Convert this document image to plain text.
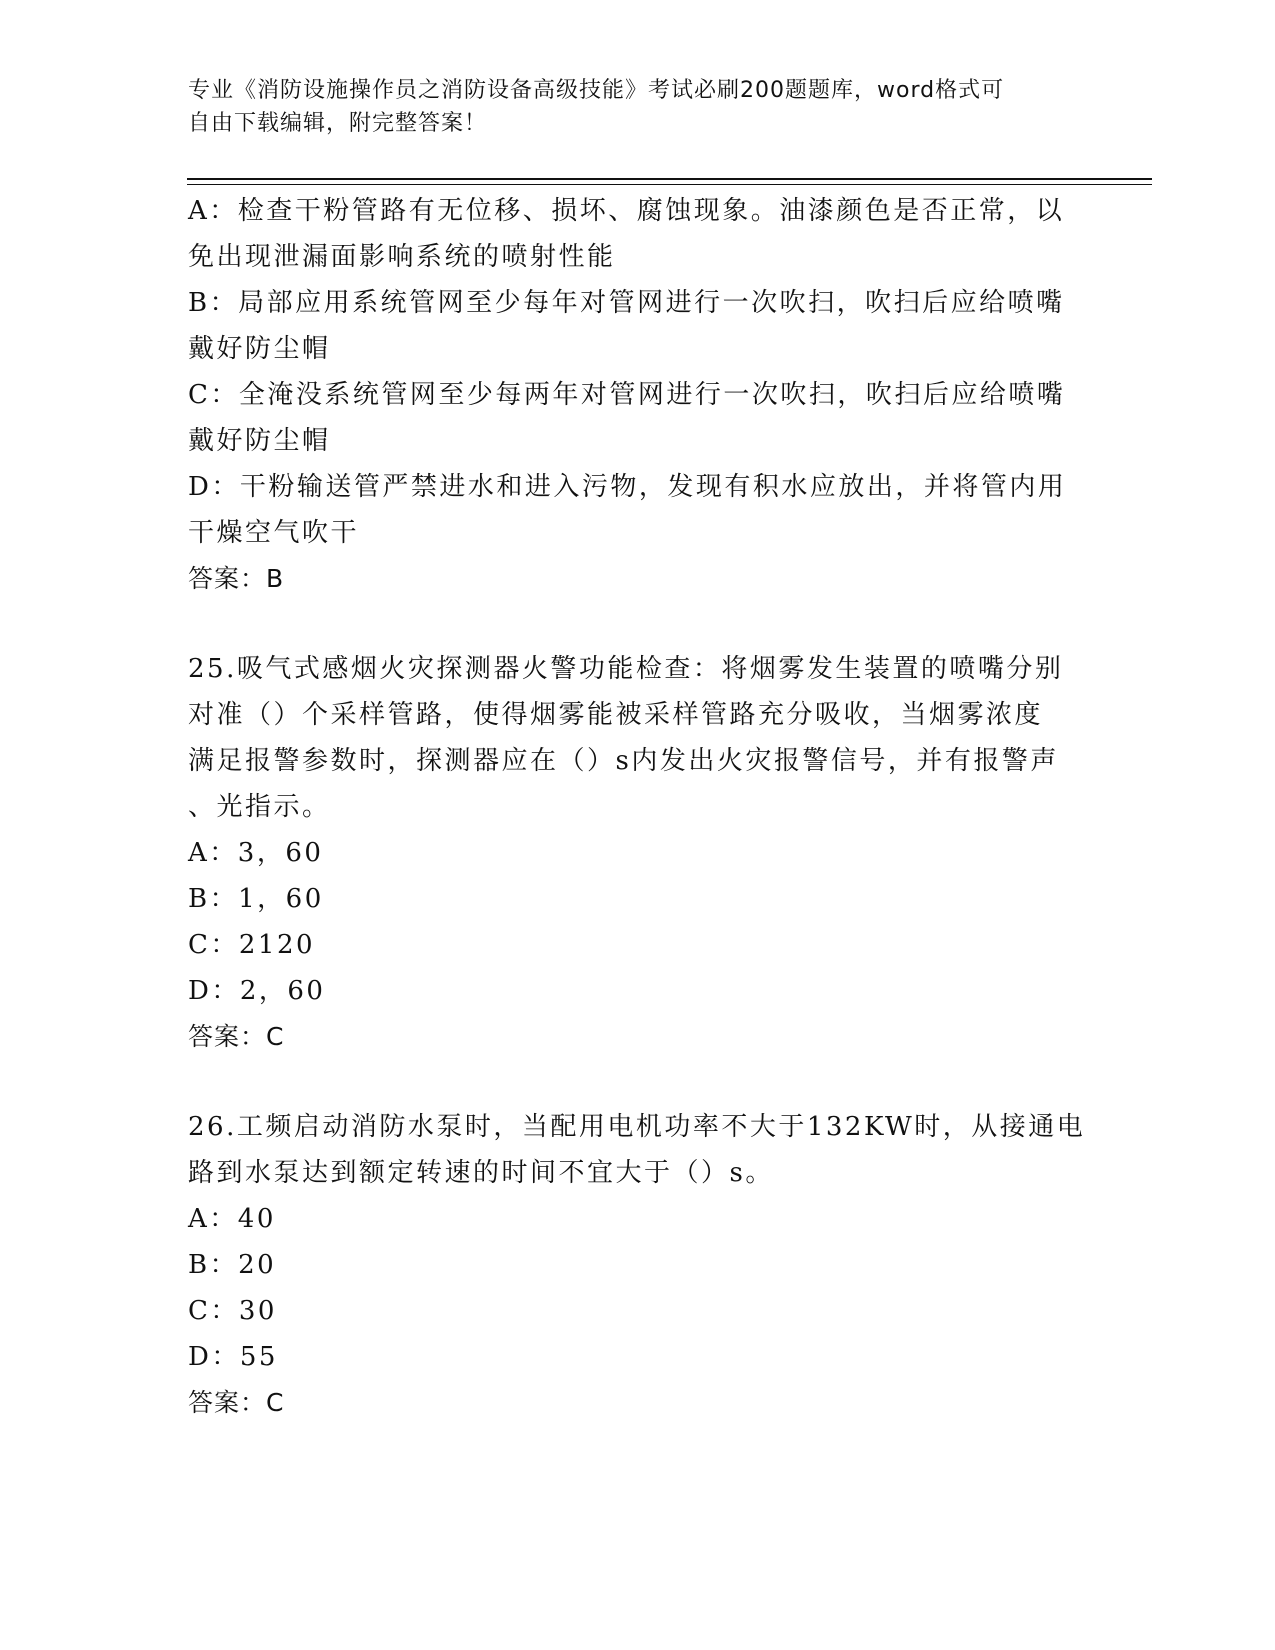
专业《消防设施操作员之消防设备高级技能》考试必刷200题题库，word格式可
自由下载编辑，附完整答案！
A：检查干粉管路有无位移、损坏、腐蚀现象。油漆颜色是否正常，以
免出现泄漏面影响系统的喷射性能
B：局部应用系统管网至少每年对管网进行一次吹扫，吹扫后应给喷嘴
戴好防尘帽
C：全淹没系统管网至少每两年对管网进行一次吹扫，吹扫后应给喷嘴
戴好防尘帽
D：干粉输送管严禁进水和进入污物，发现有积水应放出，并将管内用
干燥空气吹干
答案：B
25.吸气式感烟火灾探测器火警功能检查：将烟雾发生装置的喷嘴分别
对准（）个采样管路，使得烟雾能被采样管路充分吸收，当烟雾浓度
满足报警参数时，探测器应在（）s内发出火灾报警信号，并有报警声
、光指示。
A：3，60
B：1，60
C：2120
D：2，60
答案：C
26.工频启动消防水泵时，当配用电机功率不大于132KW时，从接通电
路到水泵达到额定转速的时间不宜大于（）s。
A：40
B：20
C：30
D：55
答案：C
